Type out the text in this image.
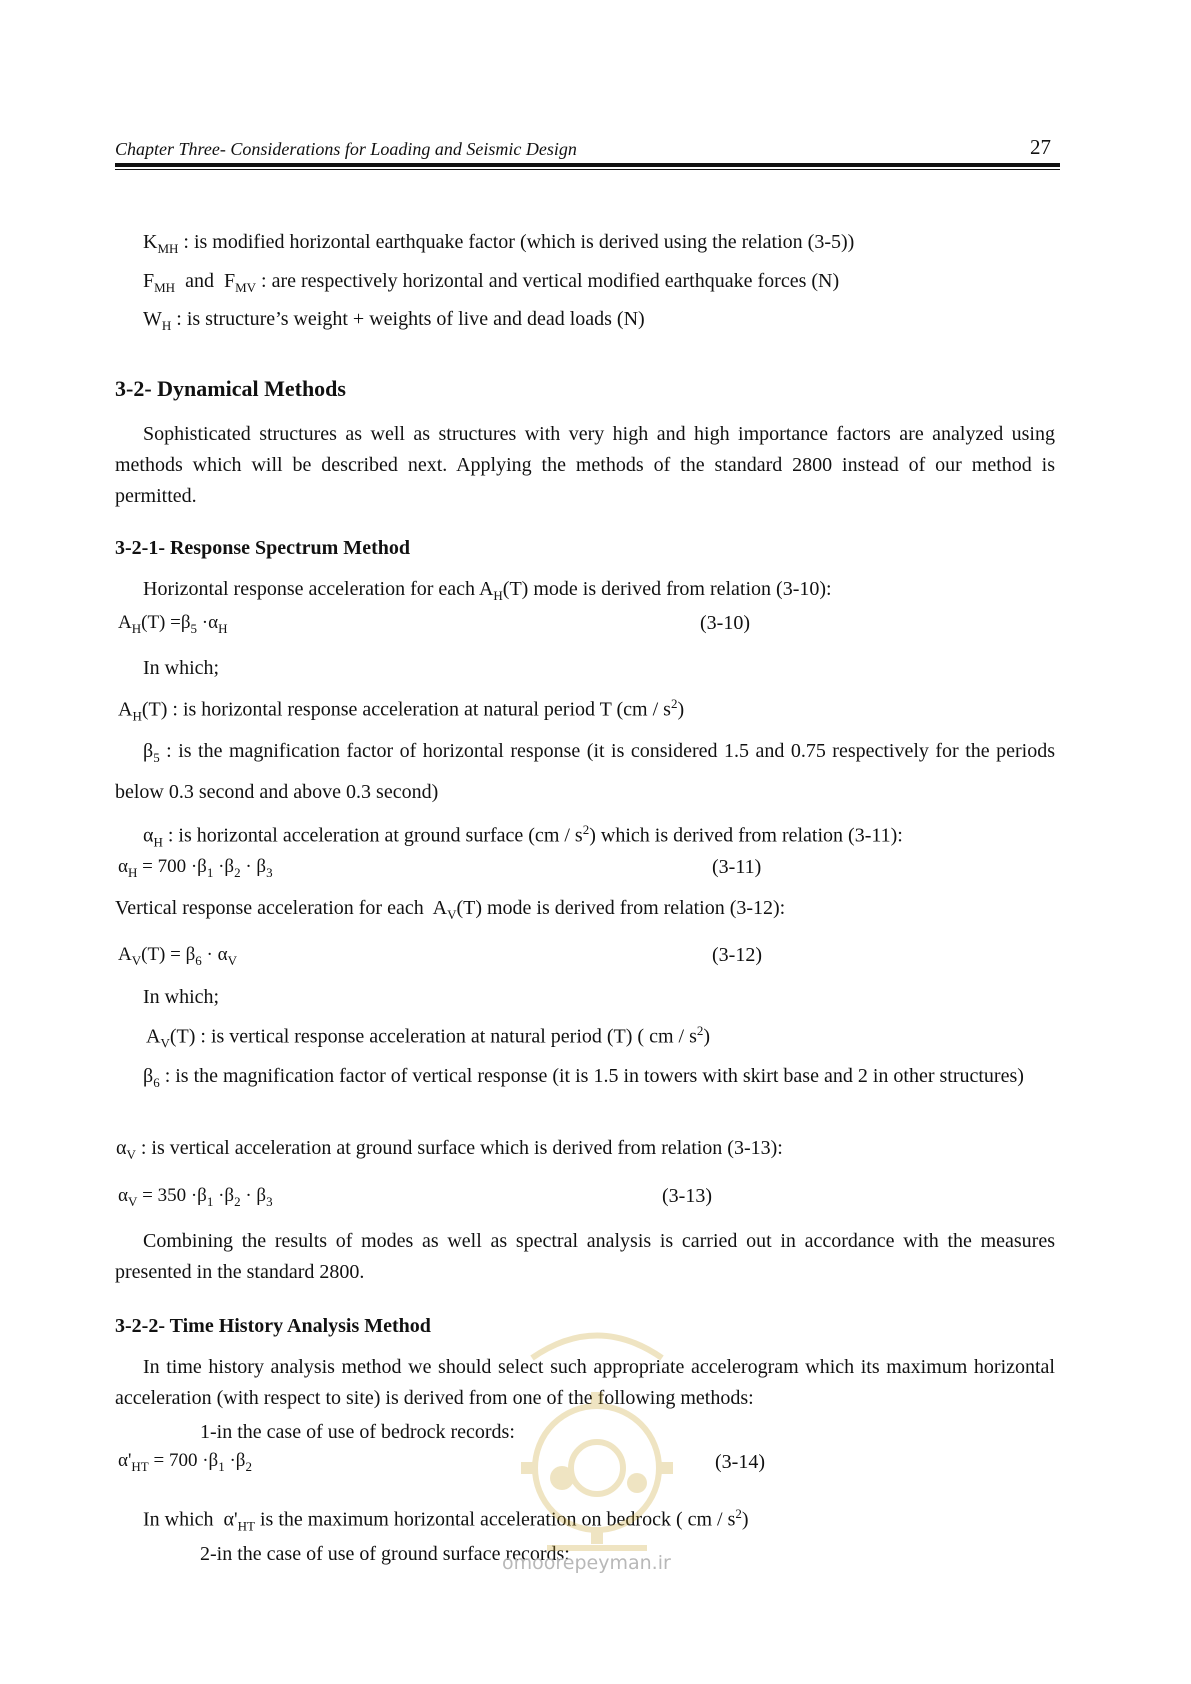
Chapter Three- Considerations for Loading and Seismic Design	27
$K_{MH}$ : is modified horizontal earthquake factor (which is derived using the relation (3-5))
$F_{MH}$  and  $F_{MV}$ : are respectively horizontal and vertical modified earthquake forces (N)
$W_H$ : is structure’s weight + weights of live and dead loads (N)
3-2- Dynamical Methods
Sophisticated structures as well as structures with very high and high importance factors are analyzed using methods which will be described next. Applying the methods of the standard 2800 instead of our method is permitted.
3-2-1- Response Spectrum Method
Horizontal response acceleration for each $A_H(T)$ mode is derived from relation (3-10):
$A_H(T) =\beta_5 \cdot\alpha_H$	(3-10)
In which;
$A_H(T)$ : is horizontal response acceleration at natural period T $(cm / s^2)$
$\beta_5$ : is the magnification factor of horizontal response (it is considered 1.5 and 0.75 respectively for the periods below 0.3 second and above 0.3 second)
$\alpha_H$ : is horizontal acceleration at ground surface $(cm / s^2)$ which is derived from relation (3-11):
$\alpha_H = 700 \cdot\beta_1 \cdot\beta_2 \cdot \beta_3$	(3-11)
Vertical response acceleration for each  $A_V(T)$ mode is derived from relation (3-12):
$A_V(T) = \beta_6 \cdot \alpha_V$	(3-12)
In which;
$A_V(T)$ : is vertical response acceleration at natural period (T) ( cm / $s^2$)
$\beta_6$ : is the magnification factor of vertical response (it is 1.5 in towers with skirt base and 2 in other structures)
$\alpha_V$ : is vertical acceleration at ground surface which is derived from relation (3-13):
$\alpha_V = 350 \cdot\beta_1 \cdot\beta_2 \cdot \beta_3$	(3-13)
Combining the results of modes as well as spectral analysis is carried out in accordance with the measures presented in the standard 2800.
3-2-2- Time History Analysis Method
In time history analysis method we should select such appropriate accelerogram which its maximum horizontal acceleration (with respect to site) is derived from one of the following methods:
1-in the case of use of bedrock records:
$\alpha'_{HT} = 700 \cdot\beta_1 \cdot\beta_2$	(3-14)
In which  $\alpha'_{HT}$ is the maximum horizontal acceleration on bedrock ( cm / $s^2$)
2-in the case of use of ground surface records:
omoorepeyman.ir
